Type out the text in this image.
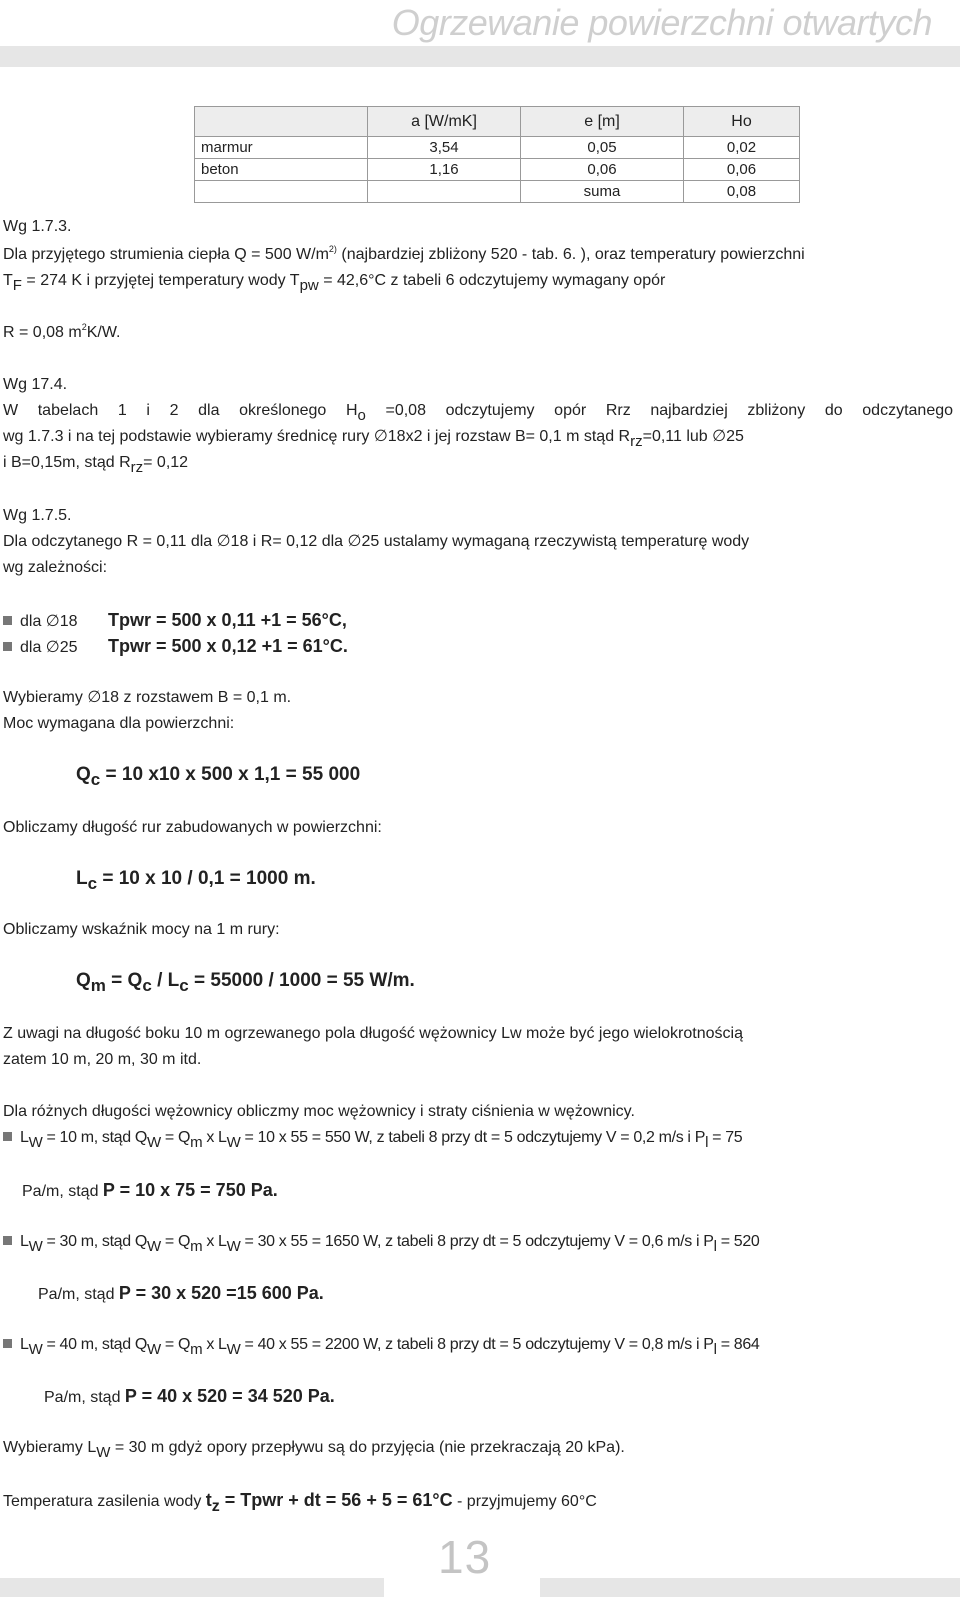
Ogrzewanie powierzchni otwartych
	a [W/mK]	e [m]	Ho
marmur	3,54	0,05	0,02
beton	1,16	0,06	0,06
		suma	0,08
Wg 1.7.3.
Dla przyjętego strumienia ciepła Q = 500 $W/m^{2)}$ (najbardziej zbliżony 520 - tab. 6. ), oraz temperatury powierzchni
$T_F = 274$ K i przyjętej temperatury wody $T_{pw} = 42,6^\circ C$ z tabeli 6 odczytujemy wymagany opór
R = 0,08 $m^2K/W$.
Wg 17.4.
W tabelach 1 i 2 dla określonego $H_o =0,08$ odczytujemy opór Rrz najbardziej zbliżony do odczytanego
wg 1.7.3 i na tej podstawie wybieramy średnicę rury ∅18x2 i jej rozstaw B= 0,1 m stąd $R_{rz}=0,11$ lub ∅25
i B=0,15m, stąd $R_{rz}= 0,12$
Wg 1.7.5.
Dla odczytanego R = 0,11 dla ∅18 i R= 0,12 dla ∅25 ustalamy wymaganą rzeczywistą temperaturę wody
wg zależności:
dla ∅18 Tpwr = 500 x 0,11 +1 = 56°C,
dla ∅25 Tpwr = 500 x 0,12 +1 = 61°C.
Wybieramy ∅18 z rozstawem B = 0,1 m.
Moc wymagana dla powierzchni:
$Q_c = 10$ x10 x 500 x 1,1 = 55 000
Obliczamy długość rur zabudowanych w powierzchni:
$L_c = 10$ x 10 / 0,1 = 1000 m.
Obliczamy wskaźnik mocy na 1 m rury:
$Q_m = Q_c / L_c = 55000 / 1000 = 55$ W/m.
Z uwagi na długość boku 10 m ogrzewanego pola długość wężownicy Lw może być jego wielokrotnością
zatem 10 m, 20 m, 30 m itd.
Dla różnych długości wężownicy obliczmy moc wężownicy i straty ciśnienia w wężownicy.
$L_W = 10$ m, stąd $Q_W = Q_m$ x $L_W = 10$ x 55 = 550 W, z tabeli 8 przy dt = 5 odczytujemy V = 0,2 m/s i $P_l = 75$
Pa/m, stąd P = 10 x 75 = 750 Pa.
$L_W = 30$ m, stąd $Q_W = Q_m$ x $L_W = 30$ x 55 = 1650 W, z tabeli 8 przy dt = 5 odczytujemy V = 0,6 m/s i $P_l = 520$
Pa/m, stąd P = 30 x 520 =15 600 Pa.
$L_W = 40$ m, stąd $Q_W = Q_m$ x $L_W = 40$ x 55 = 2200 W, z tabeli 8 przy dt = 5 odczytujemy V = 0,8 m/s i $P_l = 864$
Pa/m, stąd P = 40 x 520 = 34 520 Pa.
Wybieramy $L_W = 30$ m gdyż opory przepływu są do przyjęcia (nie przekraczają 20 kPa).
Temperatura zasilenia wody $t_z$ = Tpwr + dt = 56 + 5 = 61°C - przyjmujemy 60°C
13
